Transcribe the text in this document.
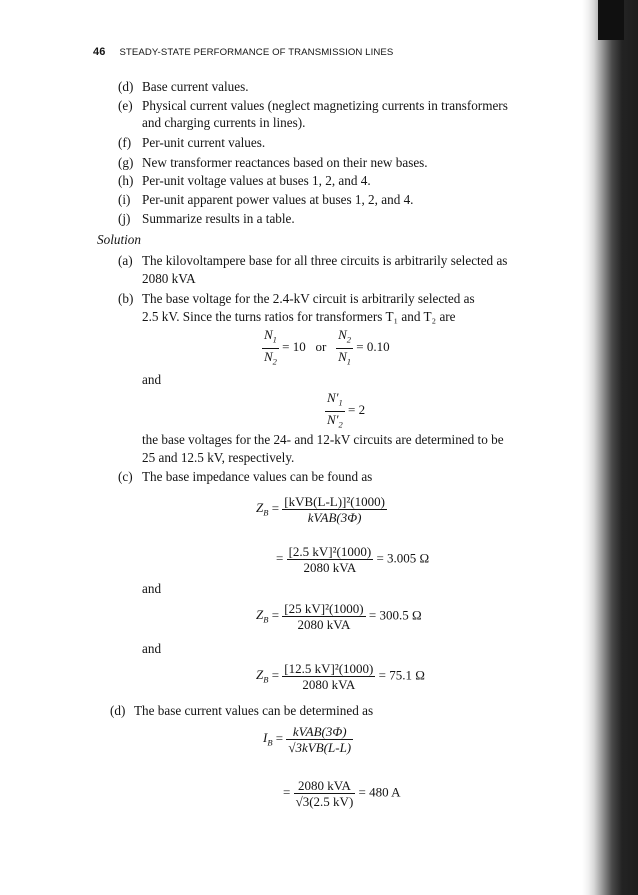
46 STEADY-STATE PERFORMANCE OF TRANSMISSION LINES
(d) Base current values.
(e) Physical current values (neglect magnetizing currents in transformers
and charging currents in lines).
(f) Per-unit current values.
(g) New transformer reactances based on their new bases.
(h) Per-unit voltage values at buses 1, 2, and 4.
(i) Per-unit apparent power values at buses 1, 2, and 4.
(j) Summarize results in a table.
Solution
(a) The kilovoltampere base for all three circuits is arbitrarily selected as
2080 kVA
(b) The base voltage for the 2.4-kV circuit is arbitrarily selected as
2.5 kV. Since the turns ratios for transformers T₁ and T₂ are
$\frac{N_1}{N_2} = 10$ or $\frac{N_2}{N_1} = 0.10$
and
$\frac{N'_1}{N'_2} = 2$
the base voltages for the 24- and 12-kV circuits are determined to be
25 and 12.5 kV, respectively.
(c) The base impedance values can be found as
$Z_B = \frac{\text{[kVB(L-L)]²(1000)}}{\text{kVAB(3Φ)}}$
= $\frac{\text{[2.5 kV]²(1000)}}{\text{2080 kVA}} = 3.005$ Ω
and
$Z_B = \frac{\text{[25 kV]²(1000)}}{\text{2080 kVA}} = 300.5$ Ω
and
$Z_B = \frac{\text{[12.5 kV]²(1000)}}{\text{2080 kVA}} = 75.1$ Ω
(d) The base current values can be determined as
$I_B = \frac{\text{kVAB(3Φ)}}{\text{√3kVB(L-L)}}$
= $\frac{\text{2080 kVA}}{√3(2.5 kV)} = 480$ A
